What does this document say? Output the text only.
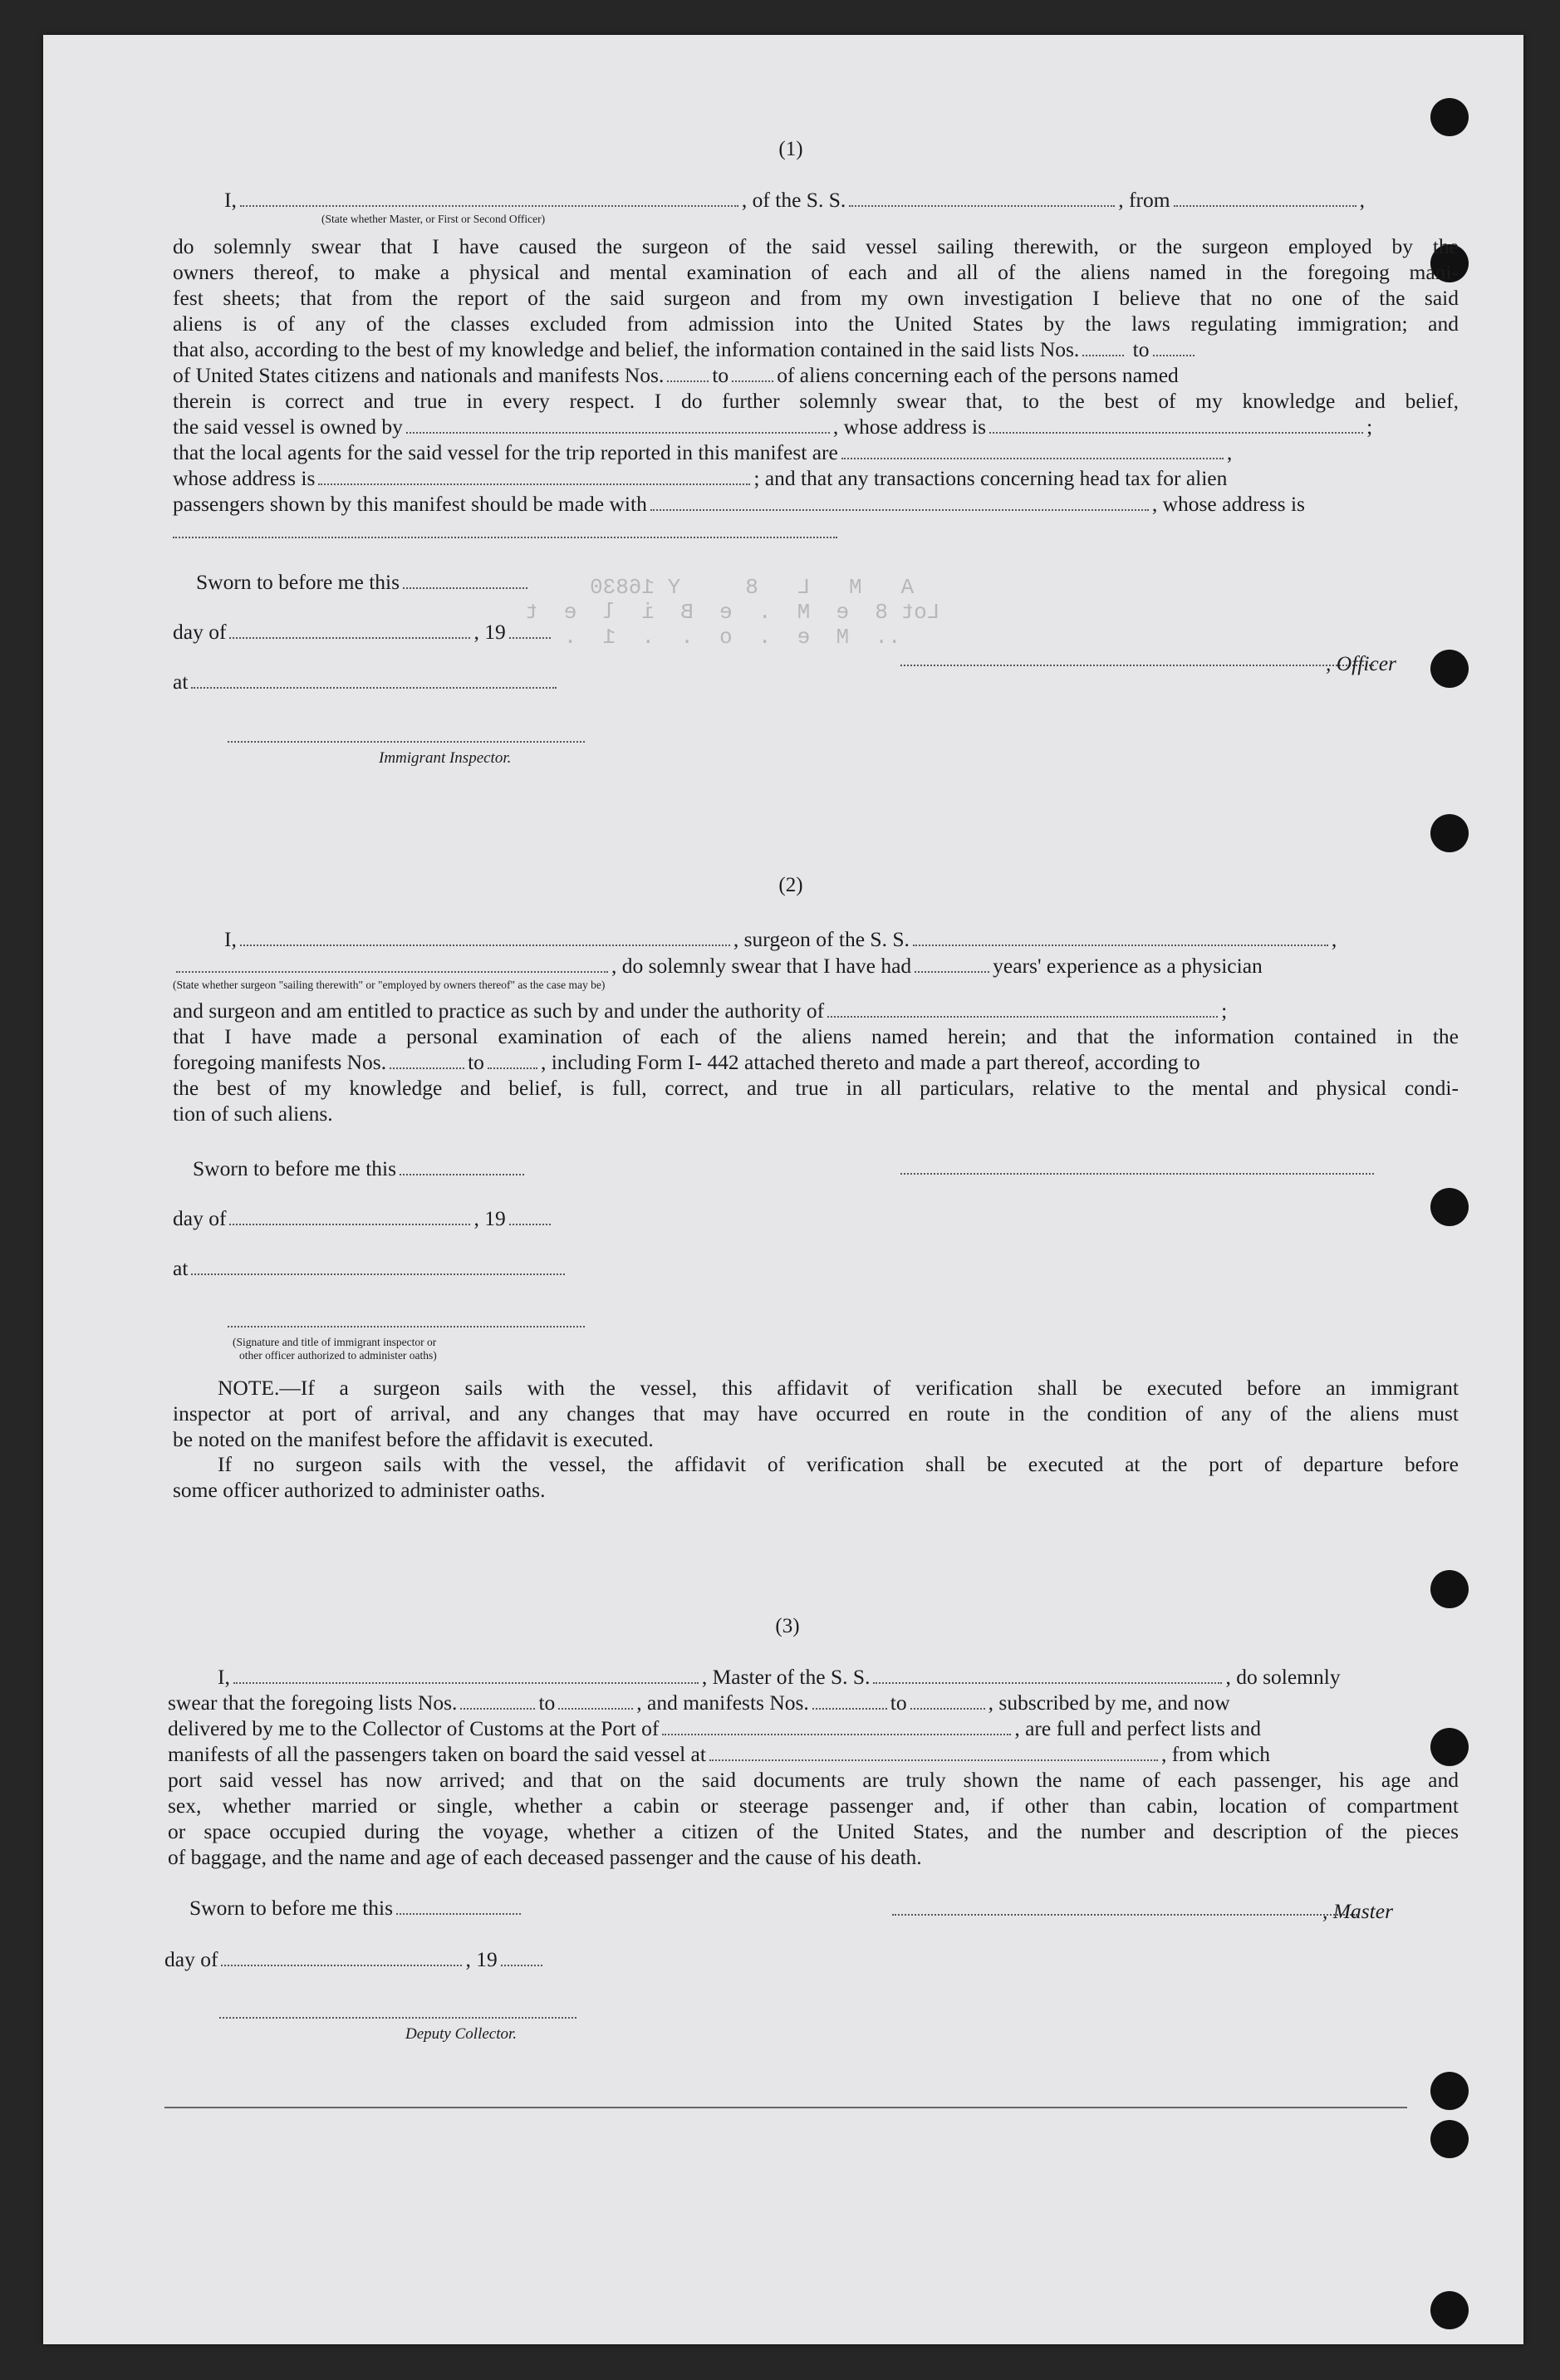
A   M   L   8     Y 16830
Lot 8  e  M  .  e  B  i  l  e  t
..  M  e  .  o  .  .  1  .

(1)
I,	, of the S. S.	, from	,
(State whether Master, or First or Second Officer)
do solemnly swear that I have caused the surgeon of the said vessel sailing therewith, or the surgeon employed by the
owners thereof, to make a physical and mental examination of each and all of the aliens named in the foregoing mani-
fest sheets; that from the report of the said surgeon and from my own investigation I believe that no one of the said
aliens is of any of the classes excluded from admission into the United States by the laws regulating immigration; and
that also, according to the best of my knowledge and belief, the information contained in the said lists Nos.	to
of United States citizens and nationals and manifests Nos. to of aliens concerning each of the persons named
therein is correct and true in every respect. I do further solemnly swear that, to the best of my knowledge and belief,
the said vessel is owned by	, whose address is	;
that the local agents for the said vessel for the trip reported in this manifest are	,
whose address is	; and that any transactions concerning head tax for alien
passengers shown by this manifest should be made with	, whose address is
Sworn to before me this
day of	, 19
at
, Officer
Immigrant Inspector.
(2)
I,	, surgeon of the S. S.	,
, do solemnly swear that I have had	years' experience as a physician
(State whether surgeon "sailing therewith" or "employed by owners thereof" as the case may be)
and surgeon and am entitled to practice as such by and under the authority of	;
that I have made a personal examination of each of the aliens named herein; and that the information contained in the
foregoing manifests Nos.	to	, including Form I- 442 attached thereto and made a part thereof, according to
the best of my knowledge and belief, is full, correct, and true in all particulars, relative to the mental and physical condi-
tion of such aliens.
Sworn to before me this
day of	, 19
at
(Signature and title of immigrant inspector or
other officer authorized to administer oaths)
NOTE.—If a surgeon sails with the vessel, this affidavit of verification shall be executed before an immigrant
inspector at port of arrival, and any changes that may have occurred en route in the condition of any of the aliens must
be noted on the manifest before the affidavit is executed.
If no surgeon sails with the vessel, the affidavit of verification shall be executed at the port of departure before
some officer authorized to administer oaths.
(3)
I,	, Master of the S. S.	, do solemnly
swear that the foregoing lists Nos.	to	, and manifests Nos.	to	, subscribed by me, and now
delivered by me to the Collector of Customs at the Port of	, are full and perfect lists and
manifests of all the passengers taken on board the said vessel at	, from which
port said vessel has now arrived; and that on the said documents are truly shown the name of each passenger, his age and
sex, whether married or single, whether a cabin or steerage passenger and, if other than cabin, location of compartment
or space occupied during the voyage, whether a citizen of the United States, and the number and description of the pieces
of baggage, and the name and age of each deceased passenger and the cause of his death.
Sworn to before me this	, Master
day of	, 19
Deputy Collector.
